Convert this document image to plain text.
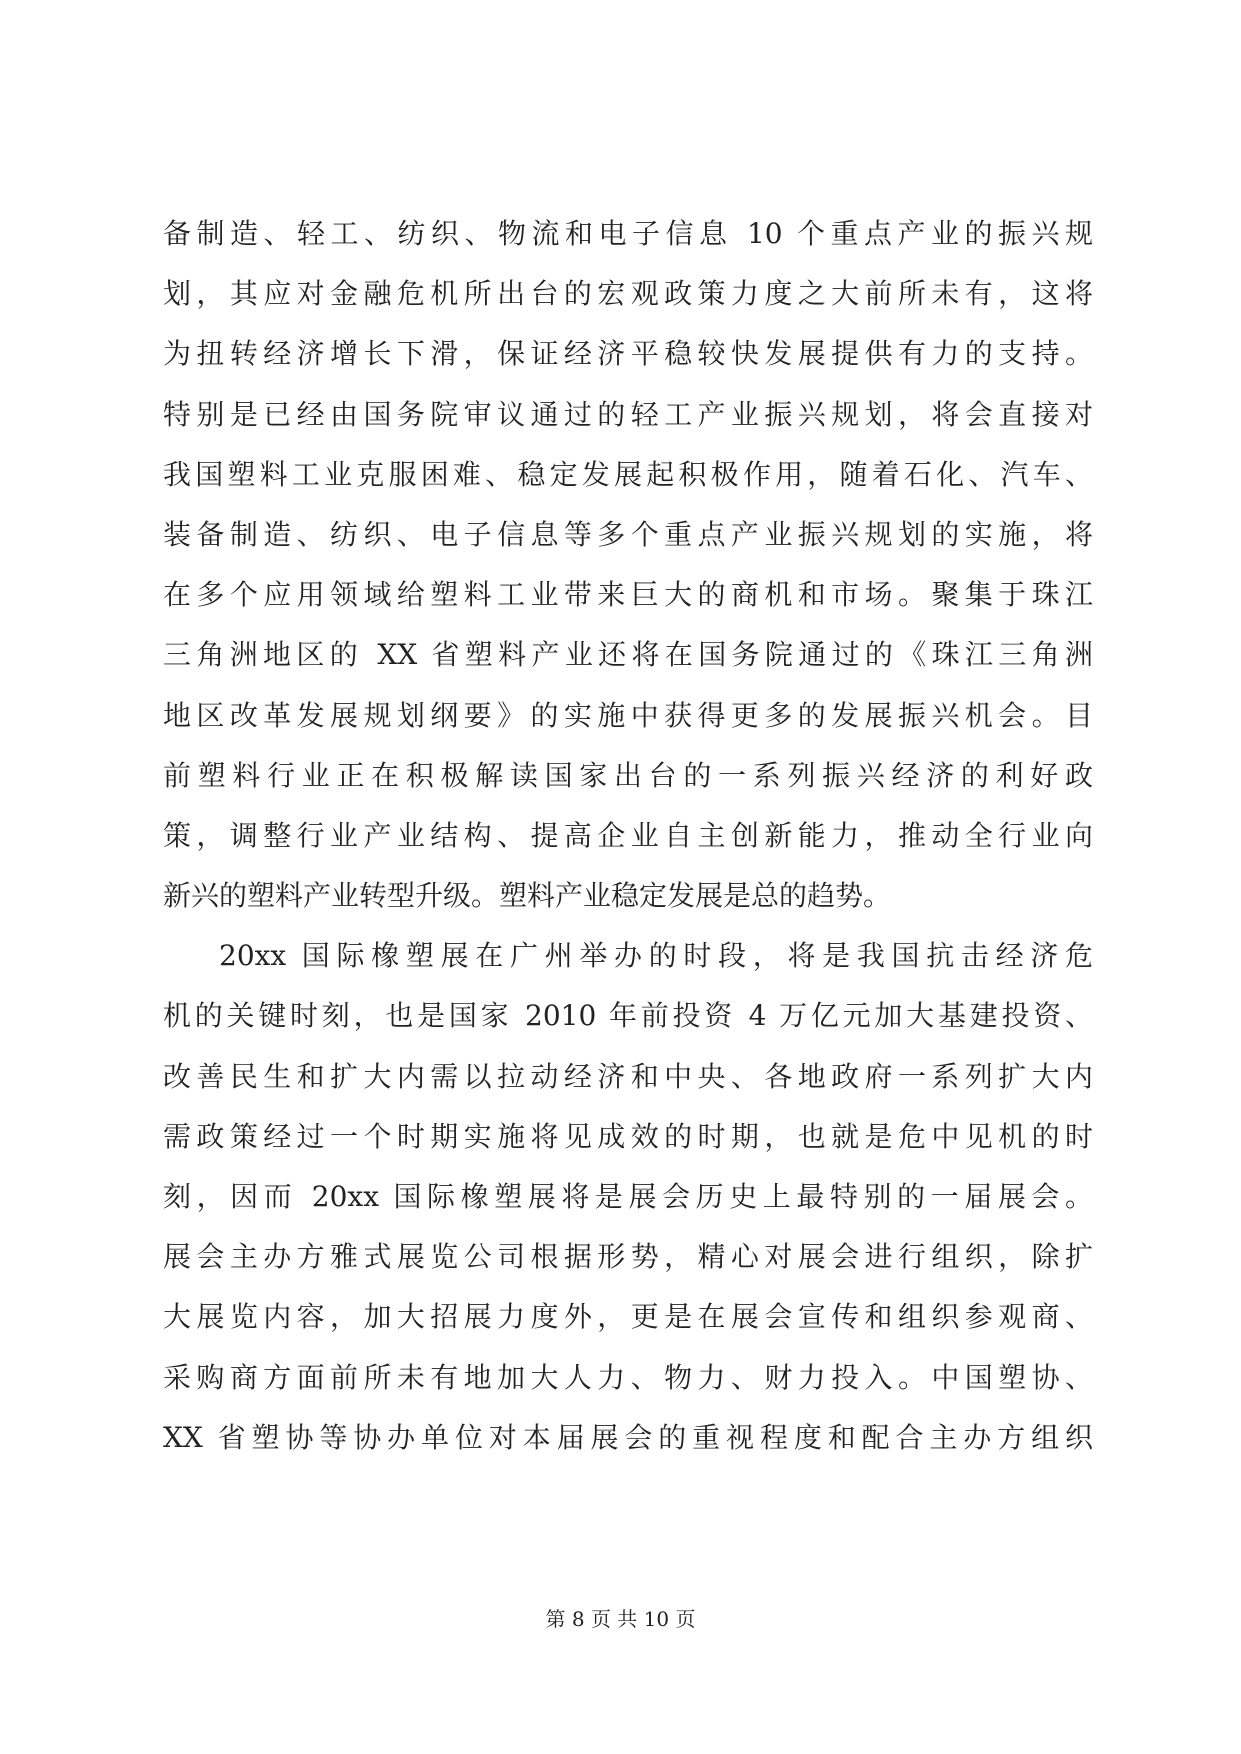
备制造、轻工、纺织、物流和电子信息 10 个重点产业的振兴规
划，其应对金融危机所出台的宏观政策力度之大前所未有，这将
为扭转经济增长下滑，保证经济平稳较快发展提供有力的支持。
特别是已经由国务院审议通过的轻工产业振兴规划，将会直接对
我国塑料工业克服困难、稳定发展起积极作用，随着石化、汽车、
装备制造、纺织、电子信息等多个重点产业振兴规划的实施，将
在多个应用领域给塑料工业带来巨大的商机和市场。聚集于珠江
三角洲地区的 XX 省塑料产业还将在国务院通过的《珠江三角洲
地区改革发展规划纲要》的实施中获得更多的发展振兴机会。目
前塑料行业正在积极解读国家出台的一系列振兴经济的利好政
策，调整行业产业结构、提高企业自主创新能力，推动全行业向
新兴的塑料产业转型升级。塑料产业稳定发展是总的趋势。
20xx 国际橡塑展在广州举办的时段，将是我国抗击经济危
机的关键时刻，也是国家 2010 年前投资 4 万亿元加大基建投资、
改善民生和扩大内需以拉动经济和中央、各地政府一系列扩大内
需政策经过一个时期实施将见成效的时期，也就是危中见机的时
刻，因而 20xx 国际橡塑展将是展会历史上最特别的一届展会。
展会主办方雅式展览公司根据形势，精心对展会进行组织，除扩
大展览内容，加大招展力度外，更是在展会宣传和组织参观商、
采购商方面前所未有地加大人力、物力、财力投入。中国塑协、
XX 省塑协等协办单位对本届展会的重视程度和配合主办方组织
第 8 页 共 10 页
